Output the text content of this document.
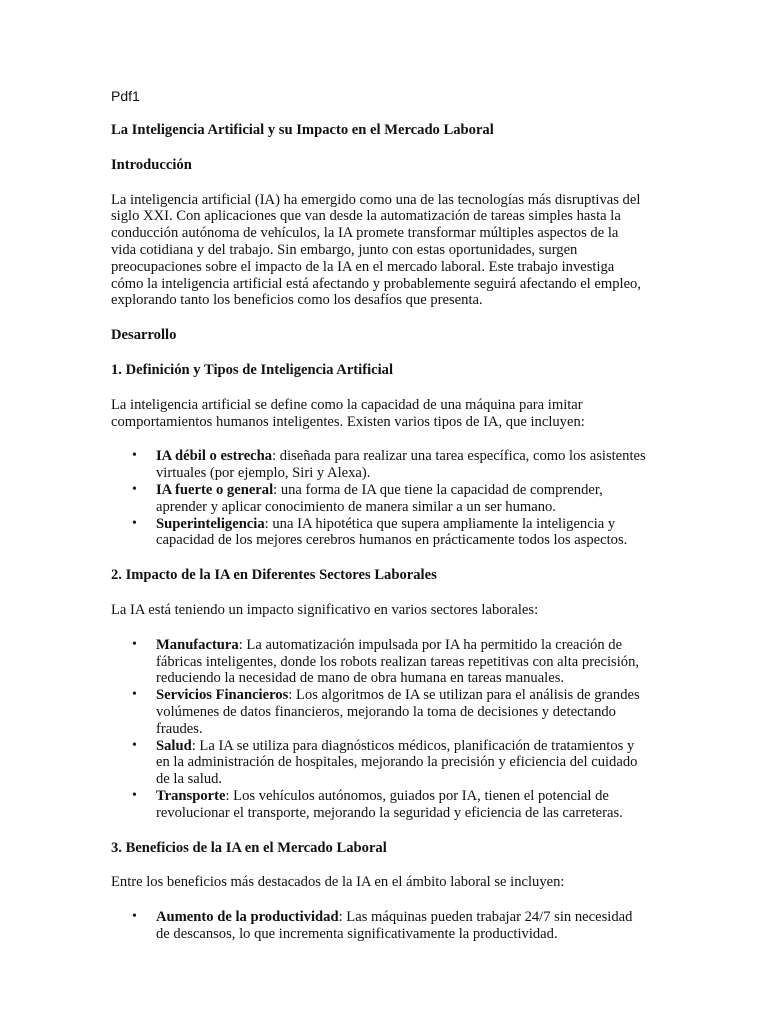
Pdf1
La Inteligencia Artificial y su Impacto en el Mercado Laboral
Introducción

La inteligencia artificial (IA) ha emergido como una de las tecnologías más disruptivas del siglo XXI. Con aplicaciones que van desde la automatización de tareas simples hasta la conducción autónoma de vehículos, la IA promete transformar múltiples aspectos de la vida cotidiana y del trabajo. Sin embargo, junto con estas oportunidades, surgen preocupaciones sobre el impacto de la IA en el mercado laboral. Este trabajo investiga cómo la inteligencia artificial está afectando y probablemente seguirá afectando el empleo, explorando tanto los beneficios como los desafíos que presenta.

Desarrollo
1. Definición y Tipos de Inteligencia Artificial

La inteligencia artificial se define como la capacidad de una máquina para imitar comportamientos humanos inteligentes. Existen varios tipos de IA, que incluyen:

• IA débil o estrecha: diseñada para realizar una tarea específica, como los asistentes virtuales (por ejemplo, Siri y Alexa).
• IA fuerte o general: una forma de IA que tiene la capacidad de comprender, aprender y aplicar conocimiento de manera similar a un ser humano.
• Superinteligencia: una IA hipotética que supera ampliamente la inteligencia y capacidad de los mejores cerebros humanos en prácticamente todos los aspectos.
2. Impacto de la IA en Diferentes Sectores Laborales

La IA está teniendo un impacto significativo en varios sectores laborales:

• Manufactura: La automatización impulsada por IA ha permitido la creación de fábricas inteligentes, donde los robots realizan tareas repetitivas con alta precisión, reduciendo la necesidad de mano de obra humana en tareas manuales.
• Servicios Financieros: Los algoritmos de IA se utilizan para el análisis de grandes volúmenes de datos financieros, mejorando la toma de decisiones y detectando fraudes.
• Salud: La IA se utiliza para diagnósticos médicos, planificación de tratamientos y en la administración de hospitales, mejorando la precisión y eficiencia del cuidado de la salud.
• Transporte: Los vehículos autónomos, guiados por IA, tienen el potencial de revolucionar el transporte, mejorando la seguridad y eficiencia de las carreteras.
3. Beneficios de la IA en el Mercado Laboral

Entre los beneficios más destacados de la IA en el ámbito laboral se incluyen:

• Aumento de la productividad: Las máquinas pueden trabajar 24/7 sin necesidad de descansos, lo que incrementa significativamente la productividad.
